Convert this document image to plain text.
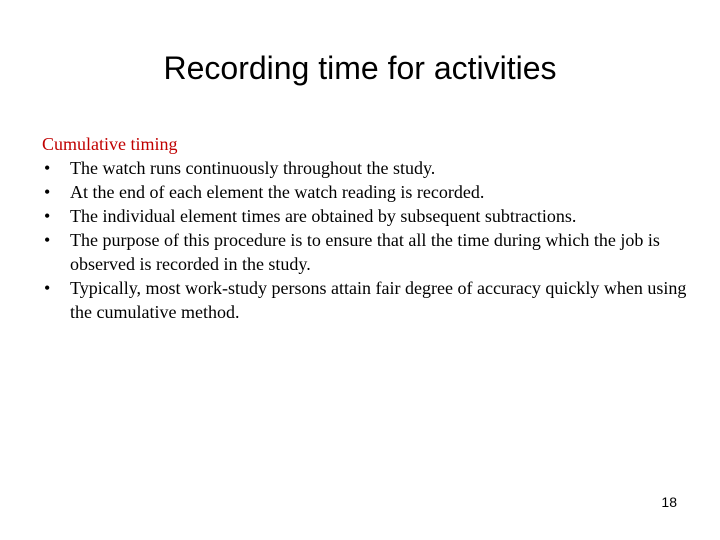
Recording time for activities
Cumulative timing
• The watch runs continuously throughout the study.
• At the end of each element the watch reading is recorded.
• The individual element times are obtained by subsequent subtractions.
• The purpose of this procedure is to ensure that all the time during which the job is observed is recorded in the study.
• Typically, most work-study persons attain fair degree of accuracy quickly when using the cumulative method.
18
